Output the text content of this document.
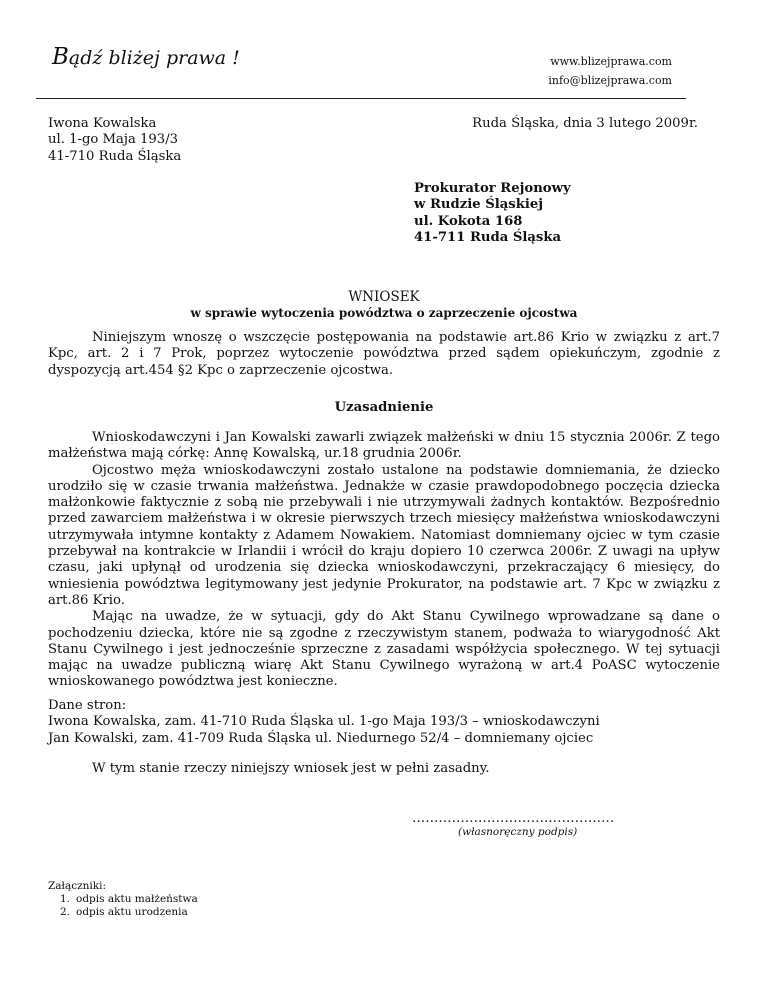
Bądź bliżej prawa !	www.blizejprawa.com
info@blizejprawa.com
Iwona Kowalska
ul. 1-go Maja 193/3
41-710 Ruda Śląska
Ruda Śląska, dnia 3 lutego 2009r.
Prokurator Rejonowy
w Rudzie Śląskiej
ul. Kokota 168
41-711 Ruda Śląska
WNIOSEK
w sprawie wytoczenia powództwa o zaprzeczenie ojcostwa
Niniejszym wnoszę o wszczęcie postępowania na podstawie art.86 Krio w związku z art.7 Kpc, art. 2 i 7 Prok, poprzez wytoczenie powództwa przed sądem opiekuńczym, zgodnie z dyspozycją art.454 §2 Kpc o zaprzeczenie ojcostwa.
Uzasadnienie

Wnioskodawczyni i Jan Kowalski zawarli związek małżeński w dniu 15 stycznia 2006r. Z tego małżeństwa mają córkę: Annę Kowalską, ur.18 grudnia 2006r.

Ojcostwo męża wnioskodawczyni zostało ustalone na podstawie domniemania, że dziecko urodziło się w czasie trwania małżeństwa. Jednakże w czasie prawdopodobnego poczęcia dziecka małżonkowie faktycznie z sobą nie przebywali i nie utrzymywali żadnych kontaktów. Bezpośrednio przed zawarciem małżeństwa i w okresie pierwszych trzech miesięcy małżeństwa wnioskodawczyni utrzymywała intymne kontakty z Adamem Nowakiem. Natomiast domniemany ojciec w tym czasie przebywał na kontrakcie w Irlandii i wrócił do kraju dopiero 10 czerwca 2006r. Z uwagi na upływ czasu, jaki upłynął od urodzenia się dziecka wnioskodawczyni, przekraczający 6 miesięcy, do wniesienia powództwa legitymowany jest jedynie Prokurator, na podstawie art. 7 Kpc w związku z art.86 Krio.

Mając na uwadze, że w sytuacji, gdy do Akt Stanu Cywilnego wprowadzane są dane o pochodzeniu dziecka, które nie są zgodne z rzeczywistym stanem, podważa to wiarygodność Akt Stanu Cywilnego i jest jednocześnie sprzeczne z zasadami współżycia społecznego. W tej sytuacji mając na uwadze publiczną wiarę Akt Stanu Cywilnego wyrażoną w art.4 PoASC wytoczenie wnioskowanego powództwa jest konieczne.

Dane stron:
Iwona Kowalska, zam. 41-710 Ruda Śląska ul. 1-go Maja 193/3 – wnioskodawczyni
Jan Kowalski, zam. 41-709 Ruda Śląska ul. Niedurnego 52/4 – domniemany ojciec
W tym stanie rzeczy niniejszy wniosek jest w pełni zasadny.
……………………………………….
(własnoręczny podpis)
Załączniki:
1. odpis aktu małżeństwa
2. odpis aktu urodzenia
